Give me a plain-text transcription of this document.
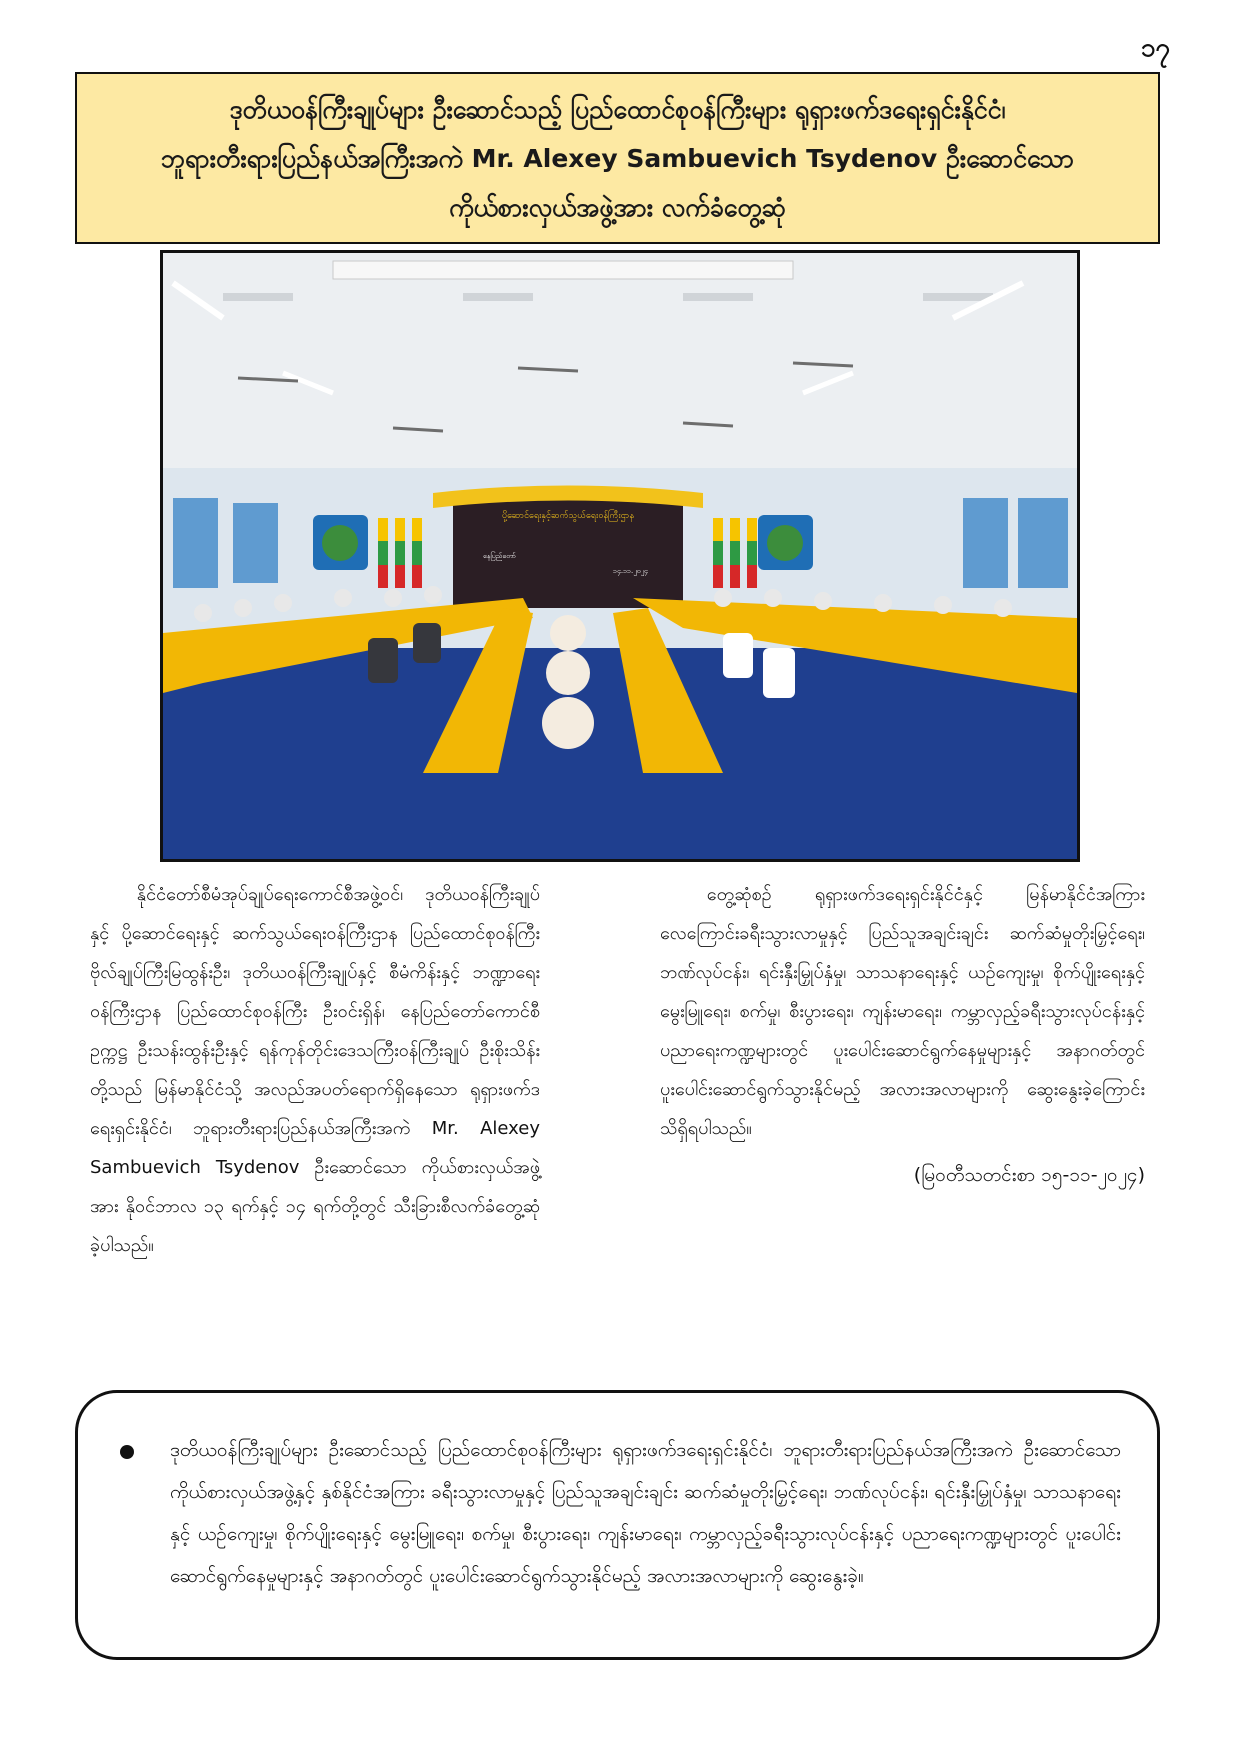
၁၇
ဒုတိယဝန်ကြီးချုပ်များ ဦးဆောင်သည့် ပြည်ထောင်စုဝန်ကြီးများ ရုရှားဖက်ဒရေးရှင်းနိုင်ငံ၊
ဘူရားတီးရားပြည်နယ်အကြီးအကဲ Mr. Alexey Sambuevich Tsydenov ဦးဆောင်သော
ကိုယ်စားလှယ်အဖွဲ့အား လက်ခံတွေ့ဆုံ
ပို့ဆောင်ရေးနှင့်ဆက်သွယ်ရေးဝန်ကြီးဌာန
နေပြည်တော်
၁၄.၁၁.၂၀၂၄

နိုင်ငံတော်စီမံအုပ်ချုပ်ရေးကောင်စီအဖွဲ့ဝင်၊ ဒုတိယဝန်ကြီးချုပ်နှင့် ပို့ဆောင်ရေးနှင့် ဆက်သွယ်ရေးဝန်ကြီးဌာန ပြည်ထောင်စုဝန်ကြီး ဗိုလ်ချုပ်ကြီးမြထွန်းဦး၊ ဒုတိယဝန်ကြီးချုပ်နှင့် စီမံကိန်းနှင့် ဘဏ္ဍာရေးဝန်ကြီးဌာန ပြည်ထောင်စုဝန်ကြီး ဦးဝင်းရှိန်၊ နေပြည်တော်ကောင်စီဥက္ကဋ္ဌ ဦးသန်းထွန်းဦးနှင့် ရန်ကုန်တိုင်းဒေသကြီးဝန်ကြီးချုပ် ဦးစိုးသိန်းတို့သည် မြန်မာနိုင်ငံသို့ အလည်အပတ်ရောက်ရှိနေသော ရုရှားဖက်ဒရေးရှင်းနိုင်ငံ၊ ဘူရားတီးရားပြည်နယ်အကြီးအကဲ Mr. Alexey Sambuevich Tsydenov ဦးဆောင်သော ကိုယ်စားလှယ်အဖွဲ့အား နိုဝင်ဘာလ ၁၃ ရက်နှင့် ၁၄ ရက်တို့တွင် သီးခြားစီလက်ခံတွေ့ဆုံခဲ့ပါသည်။

တွေ့ဆုံစဉ် ရုရှားဖက်ဒရေးရှင်းနိုင်ငံနှင့် မြန်မာနိုင်ငံအကြား လေကြောင်းခရီးသွားလာမှုနှင့် ပြည်သူအချင်းချင်း ဆက်ဆံမှုတိုးမြှင့်ရေး၊ ဘဏ်လုပ်ငန်း၊ ရင်းနှီးမြှုပ်နှံမှု၊ သာသနာရေးနှင့် ယဉ်ကျေးမှု၊ စိုက်ပျိုးရေးနှင့် မွေးမြူရေး၊ စက်မှု၊ စီးပွားရေး၊ ကျန်းမာရေး၊ ကမ္ဘာလှည့်ခရီးသွားလုပ်ငန်းနှင့် ပညာရေးကဏ္ဍများတွင် ပူးပေါင်းဆောင်ရွက်နေမှုများနှင့် အနာဂတ်တွင် ပူးပေါင်းဆောင်ရွက်သွားနိုင်မည့် အလားအလာများကို ဆွေးနွေးခဲ့ကြောင်း သိရှိရပါသည်။

(မြဝတီသတင်းစာ ၁၅-၁၁-၂၀၂၄)
ဒုတိယဝန်ကြီးချုပ်များ ဦးဆောင်သည့် ပြည်ထောင်စုဝန်ကြီးများ ရုရှားဖက်ဒရေးရှင်းနိုင်ငံ၊ ဘူရားတီးရားပြည်နယ်အကြီးအကဲ ဦးဆောင်သော ကိုယ်စားလှယ်အဖွဲ့နှင့် နှစ်နိုင်ငံအကြား ခရီးသွားလာမှုနှင့် ပြည်သူအချင်းချင်း ဆက်ဆံမှုတိုးမြှင့်ရေး၊ ဘဏ်လုပ်ငန်း၊ ရင်းနှီးမြှုပ်နှံမှု၊ သာသနာရေးနှင့် ယဉ်ကျေးမှု၊ စိုက်ပျိုးရေးနှင့် မွေးမြူရေး၊ စက်မှု၊ စီးပွားရေး၊ ကျန်းမာရေး၊ ကမ္ဘာလှည့်ခရီးသွားလုပ်ငန်းနှင့် ပညာရေးကဏ္ဍများတွင် ပူးပေါင်းဆောင်ရွက်နေမှုများနှင့် အနာဂတ်တွင် ပူးပေါင်းဆောင်ရွက်သွားနိုင်မည့် အလားအလာများကို ဆွေးနွေးခဲ့။
